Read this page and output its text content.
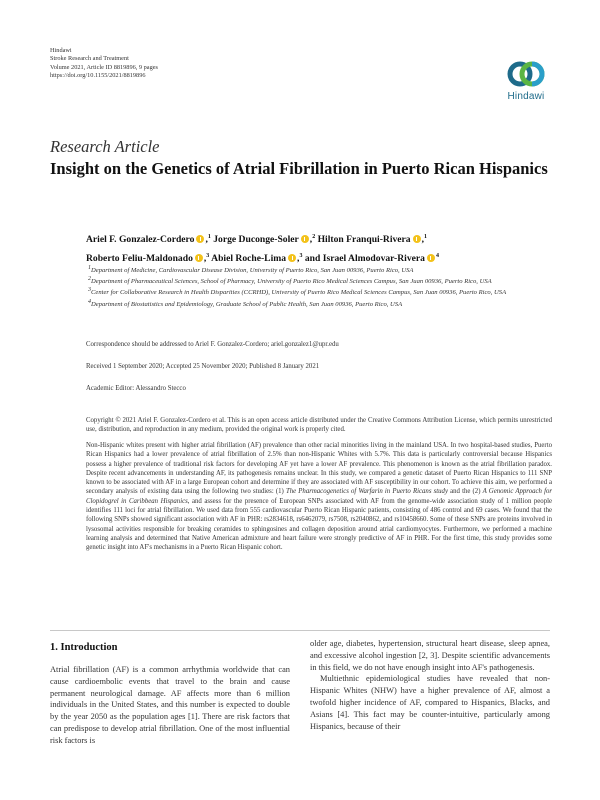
Hindawi
Stroke Research and Treatment
Volume 2021, Article ID 8819896, 9 pages
https://doi.org/10.1155/2021/8819896
Hindawi
Research Article
Insight on the Genetics of Atrial Fibrillation in Puerto Rican Hispanics
Ariel F. Gonzalez-Cordero ,$^1$ Jorge Duconge-Soler ,$^2$ Hilton Franqui-Rivera ,$^1$
Roberto Feliu-Maldonado ,$^3$ Abiel Roche-Lima ,$^3$ and Israel Almodovar-Rivera $^4$

$^1$Department of Medicine, Cardiovascular Disease Division, University of Puerto Rico, San Juan 00936, Puerto Rico, USA

$^2$Department of Pharmaceutical Sciences, School of Pharmacy, University of Puerto Rico Medical Sciences Campus, San Juan 00936, Puerto Rico, USA

$^3$Center for Collaborative Research in Health Disparities (CCRHD), University of Puerto Rico Medical Sciences Campus, San Juan 00936, Puerto Rico, USA

$^4$Department of Biostatistics and Epidemiology, Graduate School of Public Health, San Juan 00936, Puerto Rico, USA

Correspondence should be addressed to Ariel F. Gonzalez-Cordero; ariel.gonzalez1@upr.edu
Received 1 September 2020; Accepted 25 November 2020; Published 8 January 2021
Academic Editor: Alessandro Stecco
Copyright © 2021 Ariel F. Gonzalez-Cordero et al. This is an open access article distributed under the Creative Commons Attribution License, which permits unrestricted use, distribution, and reproduction in any medium, provided the original work is properly cited.
Non-Hispanic whites present with higher atrial fibrillation (AF) prevalence than other racial minorities living in the mainland USA. In two hospital-based studies, Puerto Rican Hispanics had a lower prevalence of atrial fibrillation of 2.5% than non-Hispanic Whites with 5.7%. This data is particularly controversial because Hispanics possess a higher prevalence of traditional risk factors for developing AF yet have a lower AF prevalence. This phenomenon is known as the atrial fibrillation paradox. Despite recent advancements in understanding AF, its pathogenesis remains unclear. In this study, we compared a genetic dataset of Puerto Rican Hispanics to 111 SNP known to be associated with AF in a large European cohort and determine if they are associated with AF susceptibility in our cohort. To achieve this aim, we performed a secondary analysis of existing data using the following two studies: (1) The Pharmacogenetics of Warfarin in Puerto Ricans study and the (2) A Genomic Approach for Clopidogrel in Caribbean Hispanics, and assess for the presence of European SNPs associated with AF from the genome-wide association study of 1 million people identifies 111 loci for atrial fibrillation. We used data from 555 cardiovascular Puerto Rican Hispanic patients, consisting of 486 control and 69 cases. We found that the following SNPs showed significant association with AF in PHR: rs2834618, rs6462079, rs7508, rs2040862, and rs10458660. Some of these SNPs are proteins involved in lysosomal activities responsible for breaking ceramides to sphingosines and collagen deposition around atrial cardiomyocytes. Furthermore, we performed a machine learning analysis and determined that Native American admixture and heart failure were strongly predictive of AF in PHR. For the first time, this study provides some genetic insight into AF's mechanisms in a Puerto Rican Hispanic cohort.
1. Introduction

Atrial fibrillation (AF) is a common arrhythmia worldwide that can cause cardioembolic events that travel to the brain and cause permanent neurological damage. AF affects more than 6 million individuals in the United States, and this number is expected to double by the year 2050 as the population ages [1]. There are risk factors that can predispose to develop atrial fibrillation. One of the most influential risk factors is

older age, diabetes, hypertension, structural heart disease, sleep apnea, and excessive alcohol ingestion [2, 3]. Despite scientific advancements in this field, we do not have enough insight into AF's pathogenesis.

Multiethnic epidemiological studies have revealed that non-Hispanic Whites (NHW) have a higher prevalence of AF, almost a twofold higher incidence of AF, compared to Hispanics, Blacks, and Asians [4]. This fact may be counter-intuitive, particularly among Hispanics, because of their
